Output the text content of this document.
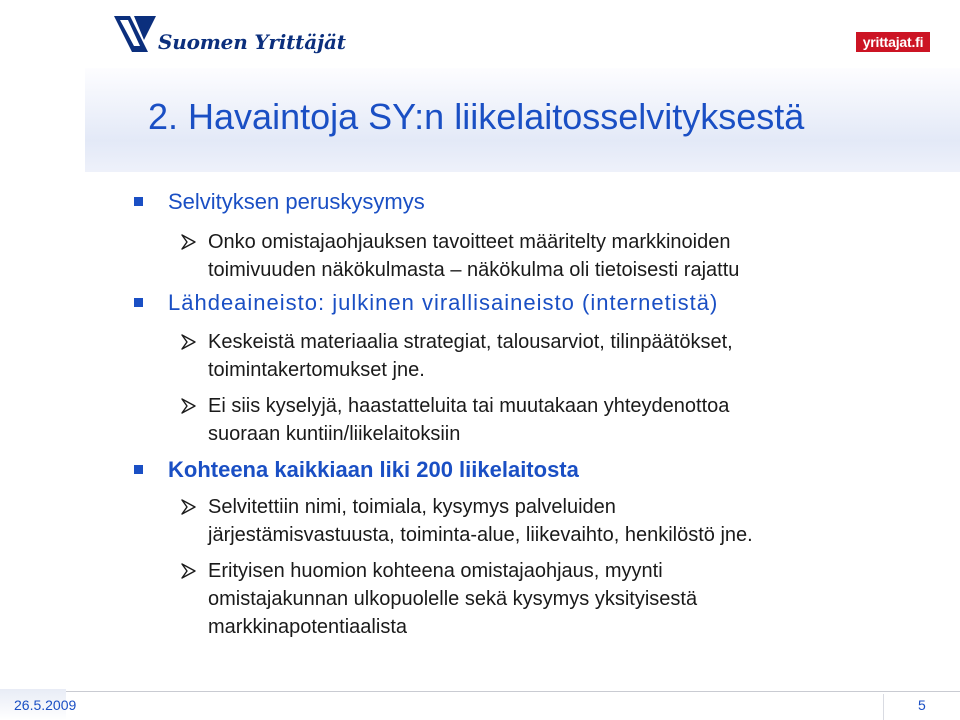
Suomen Yrittäjät	yrittajat.fi
2. Havaintoja SY:n liikelaitosselvityksestä
Selvityksen peruskysymys
Onko omistajaohjauksen tavoitteet määritelty markkinoiden
toimivuuden näkökulmasta – näkökulma oli tietoisesti rajattu
Lähdeaineisto: julkinen virallisaineisto (internetistä)
Keskeistä materiaalia strategiat, talousarviot, tilinpäätökset,
toimintakertomukset jne.
Ei siis kyselyjä, haastatteluita tai muutakaan yhteydenottoa
suoraan kuntiin/liikelaitoksiin
Kohteena kaikkiaan liki 200 liikelaitosta
Selvitettiin nimi, toimiala, kysymys palveluiden
järjestämisvastuusta, toiminta-alue, liikevaihto, henkilöstö jne.
Erityisen huomion kohteena omistajaohjaus, myynti
omistajakunnan ulkopuolelle sekä kysymys yksityisestä
markkinapotentiaalista
26.5.2009	5
